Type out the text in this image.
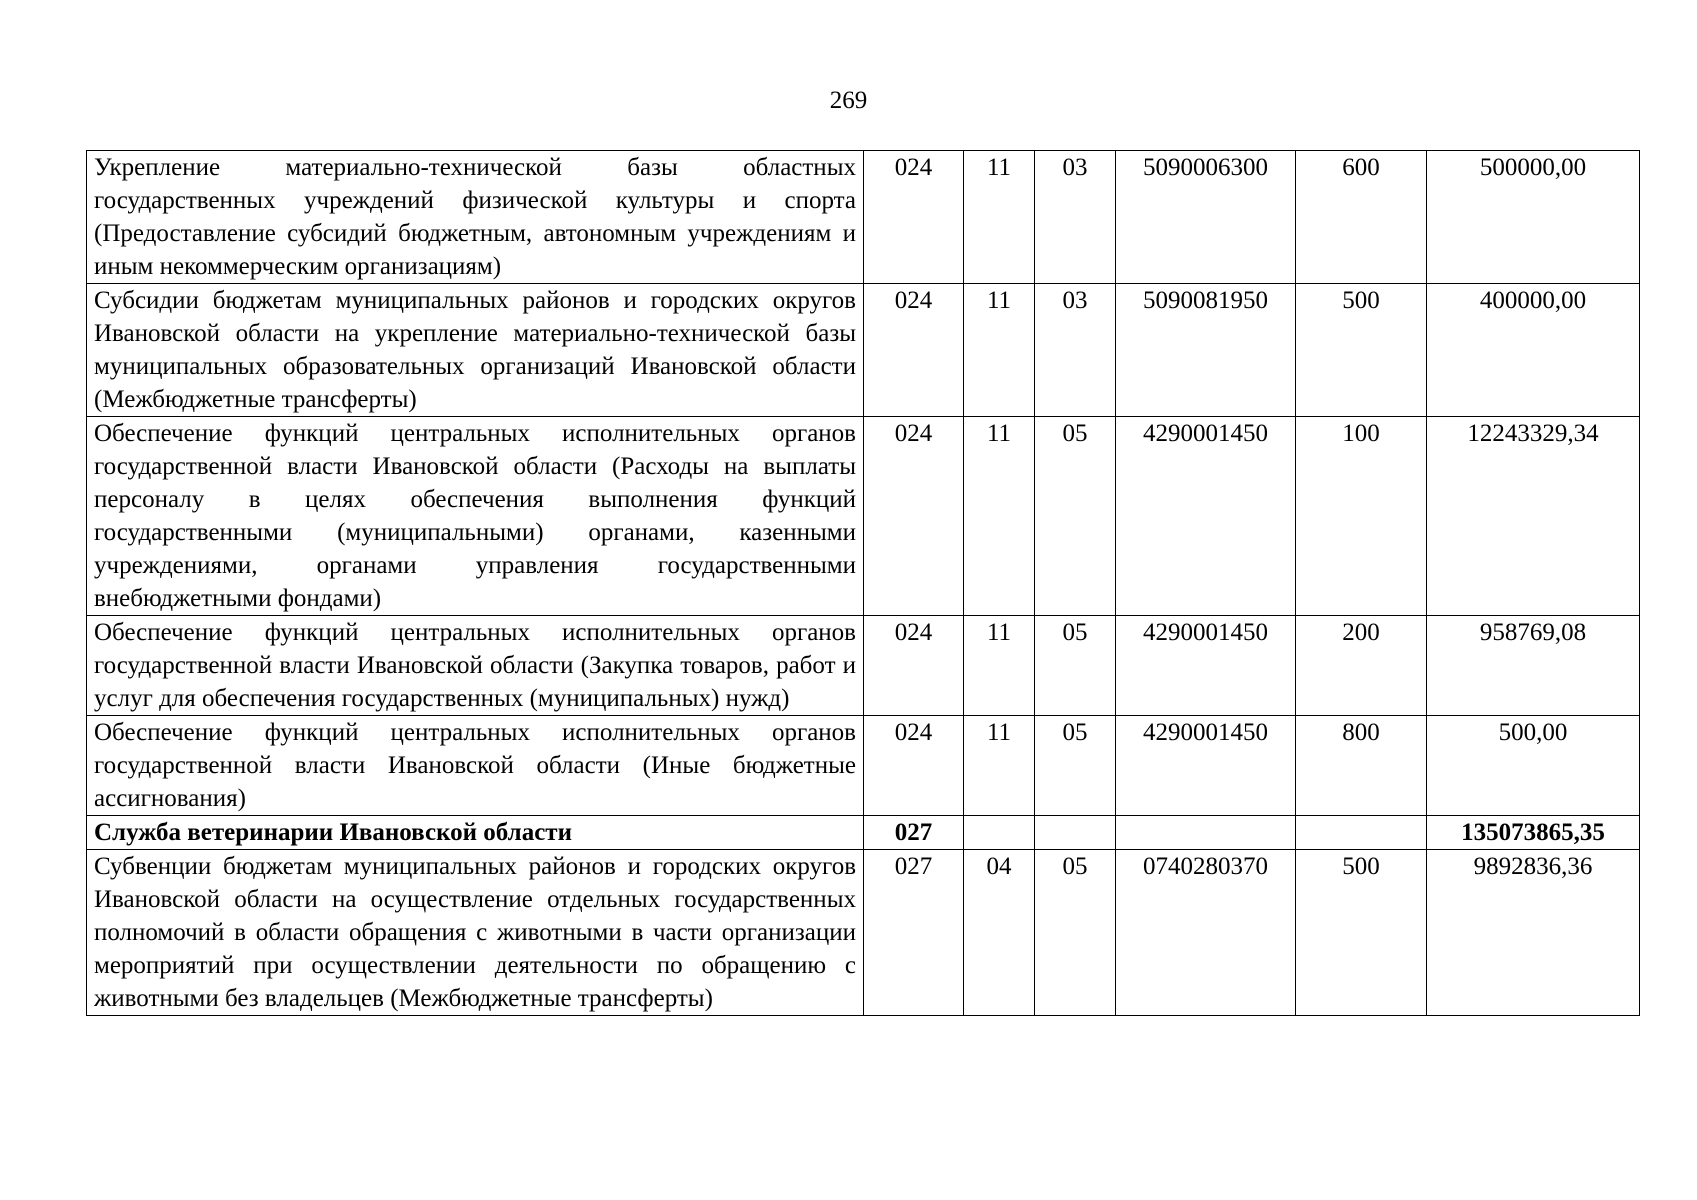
269
Укрепление материально-технической базы областных государственных учреждений физической культуры и спорта (Предоставление субсидий бюджетным, автономным учреждениям и иным некоммерческим организациям)	024	11	03	5090006300	600	500000,00
Субсидии бюджетам муниципальных районов и городских округов Ивановской области на укрепление материально-технической базы муниципальных образовательных организаций Ивановской области (Межбюджетные трансферты)	024	11	03	5090081950	500	400000,00
Обеспечение функций центральных исполнительных органов государственной власти Ивановской области (Расходы на выплаты персоналу в целях обеспечения выполнения функций государственными (муниципальными) органами, казенными учреждениями, органами управления государственными внебюджетными фондами)	024	11	05	4290001450	100	12243329,34
Обеспечение функций центральных исполнительных органов государственной власти Ивановской области (Закупка товаров, работ и услуг для обеспечения государственных (муниципальных) нужд)	024	11	05	4290001450	200	958769,08
Обеспечение функций центральных исполнительных органов государственной власти Ивановской области (Иные бюджетные ассигнования)	024	11	05	4290001450	800	500,00
Служба ветеринарии Ивановской области	027					135073865,35
Субвенции бюджетам муниципальных районов и городских округов Ивановской области на осуществление отдельных государственных полномочий в области обращения с животными в части организации мероприятий при осуществлении деятельности по обращению с животными без владельцев (Межбюджетные трансферты)	027	04	05	0740280370	500	9892836,36
